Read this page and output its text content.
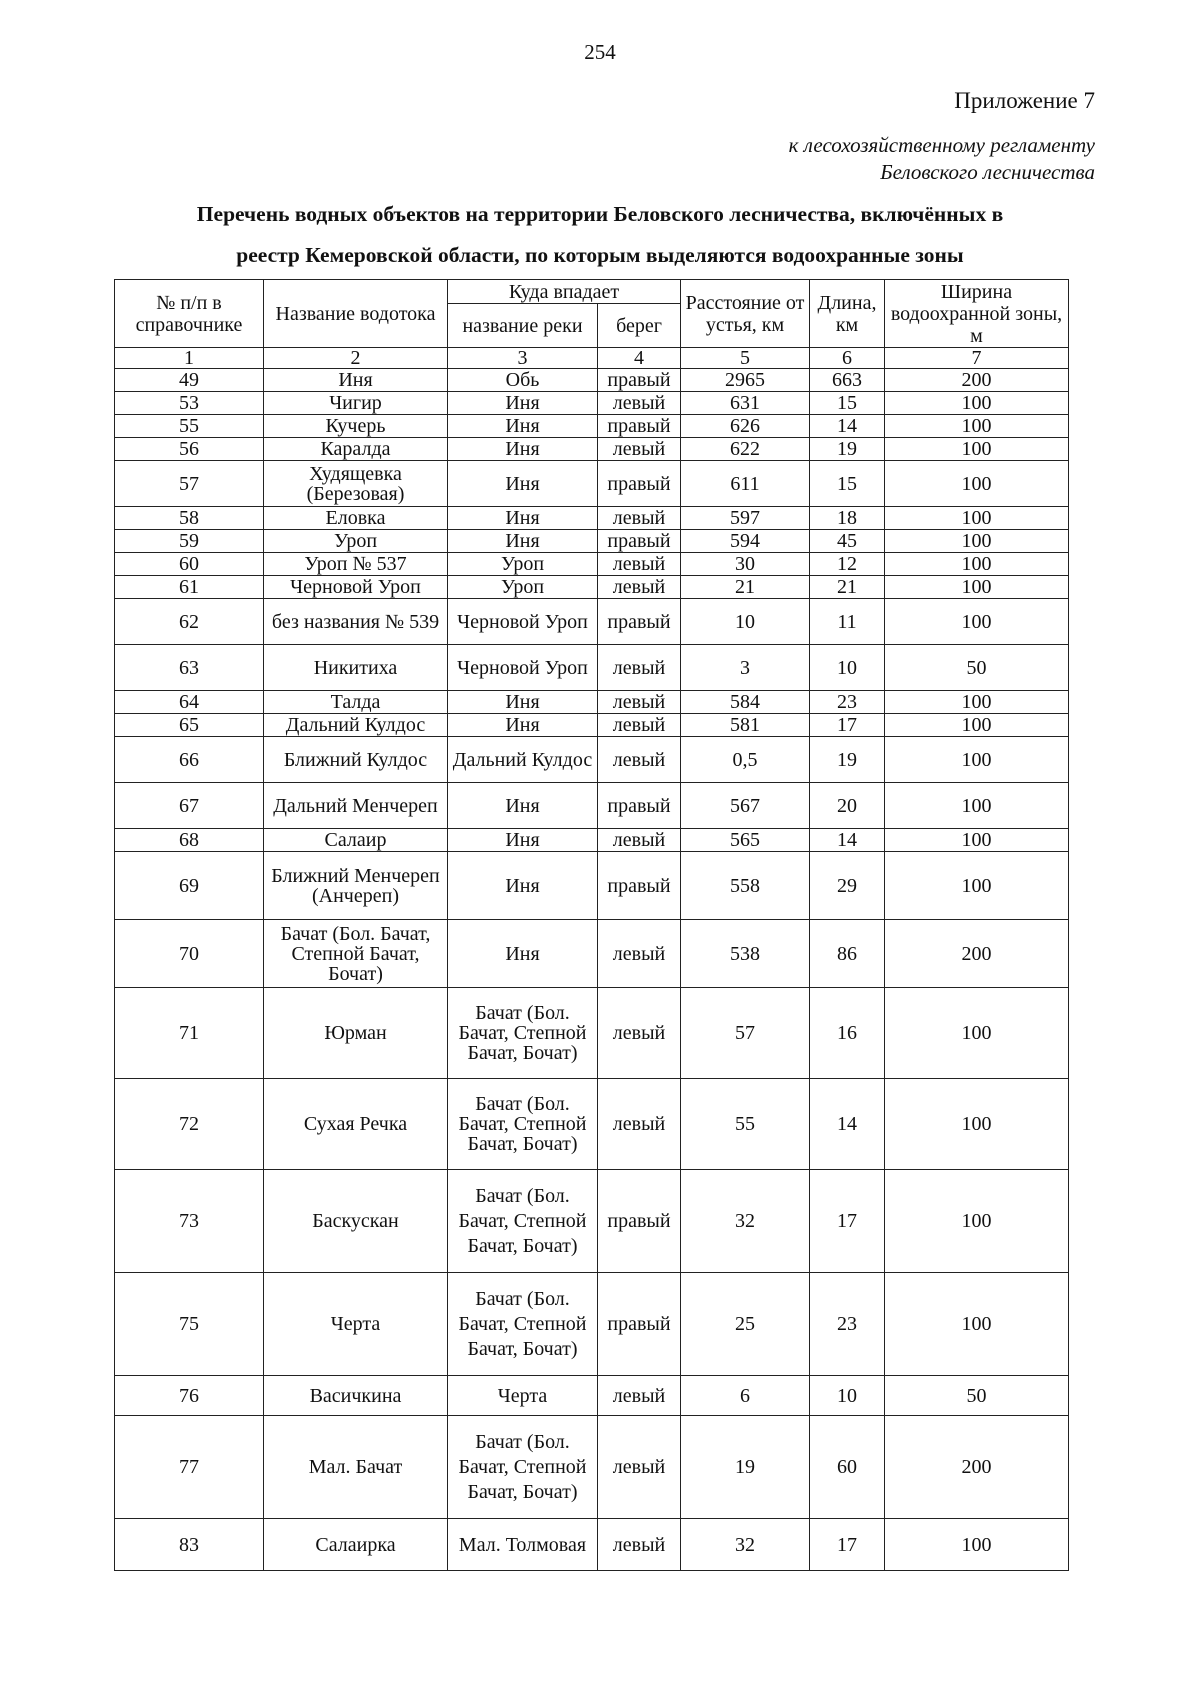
254
Приложение 7
к лесохозяйственному регламенту
Беловского лесничества
Перечень водных объектов на территории Беловского лесничества, включённых в
реестр Кемеровской области, по которым выделяются водоохранные зоны
№ п/п в справочнике	Название водотока	Куда впадает		Расстояние от устья, км	Длина, км	Ширина водоохранной зоны, м
		название реки	берег			
1	2	3	4	5	6	7
49	Иня	Обь	правый	2965	663	200
53	Чигир	Иня	левый	631	15	100
55	Кучерь	Иня	правый	626	14	100
56	Каралда	Иня	левый	622	19	100
57	Худящевка (Березовая)	Иня	правый	611	15	100
58	Еловка	Иня	левый	597	18	100
59	Уроп	Иня	правый	594	45	100
60	Уроп № 537	Уроп	левый	30	12	100
61	Черновой Уроп	Уроп	левый	21	21	100
62	без названия № 539	Черновой Уроп	правый	10	11	100
63	Никитиха	Черновой Уроп	левый	3	10	50
64	Талда	Иня	левый	584	23	100
65	Дальний Кулдос	Иня	левый	581	17	100
66	Ближний Кулдос	Дальний Кулдос	левый	0,5	19	100
67	Дальний Менчереп	Иня	правый	567	20	100
68	Салаир	Иня	левый	565	14	100
69	Ближний Менчереп (Анчереп)	Иня	правый	558	29	100
70	Бачат (Бол. Бачат, Степной Бачат, Бочат)	Иня	левый	538	86	200
71	Юрман	Бачат (Бол. Бачат, Степной Бачат, Бочат)	левый	57	16	100
72	Сухая Речка	Бачат (Бол. Бачат, Степной Бачат, Бочат)	левый	55	14	100
73	Баскускан	Бачат (Бол. Бачат, Степной Бачат, Бочат)	правый	32	17	100
75	Черта	Бачат (Бол. Бачат, Степной Бачат, Бочат)	правый	25	23	100
76	Васичкина	Черта	левый	6	10	50
77	Мал. Бачат	Бачат (Бол. Бачат, Степной Бачат, Бочат)	левый	19	60	200
83	Салаирка	Мал. Толмовая	левый	32	17	100
